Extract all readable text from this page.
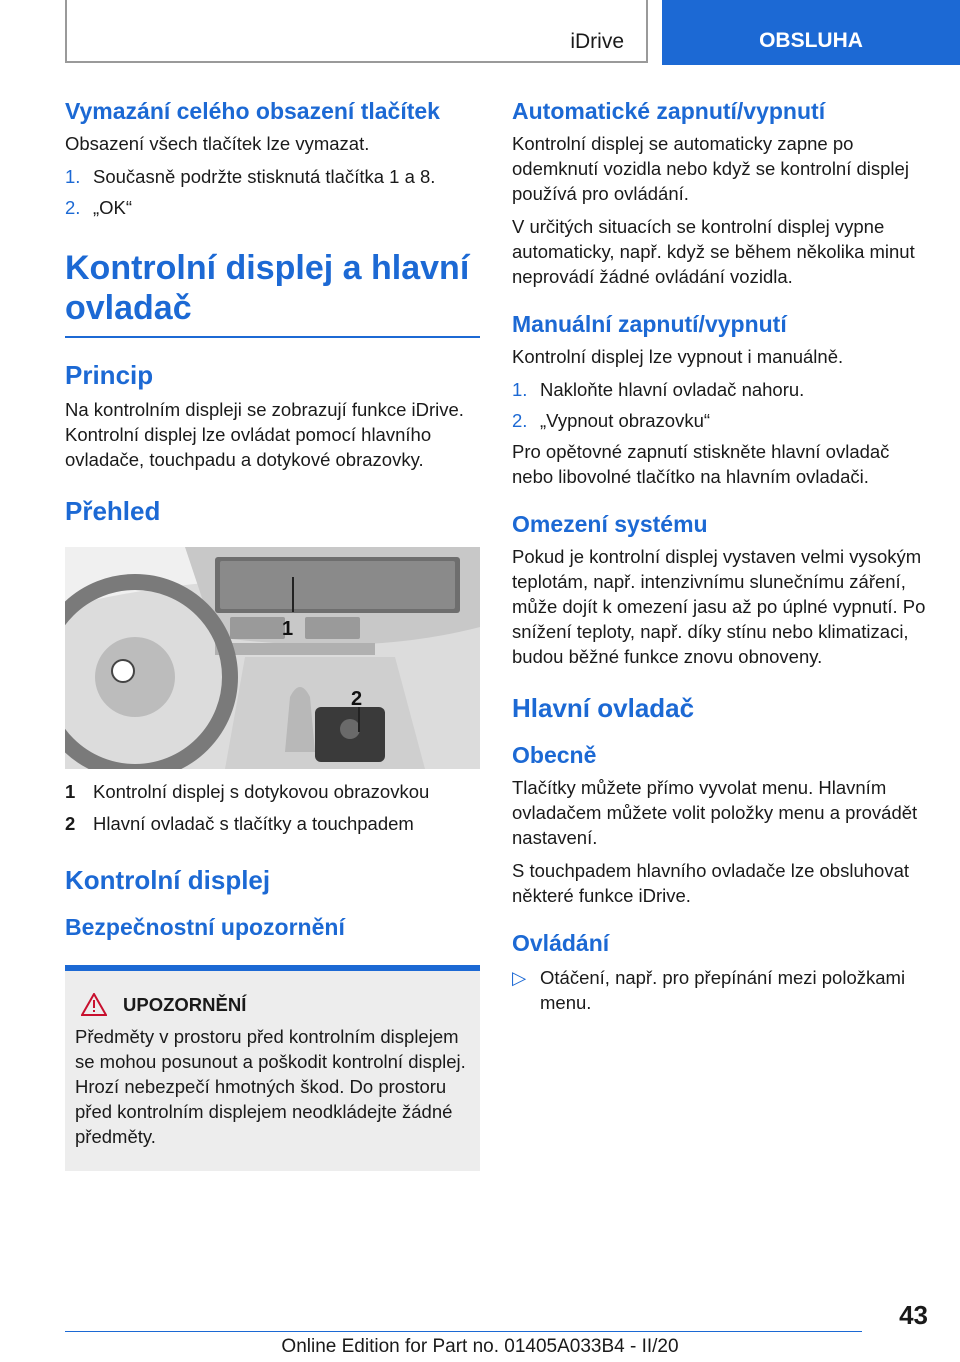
iDrive	OBSLUHA
Vymazání celého obsazení tlačítek

Obsazení všech tlačítek lze vymazat.

1. Současně podržte stisknutá tlačítka 1 a 8.
2. „OK“
Kontrolní displej a hlavní ovladač
Princip

Na kontrolním displeji se zobrazují funkce iDrive. Kontrolní displej lze ovládat pomocí hlavního ovladače, touchpadu a dotykové obrazovky.

Přehled
1
2
1 Kontrolní displej s dotykovou obrazovkou
2 Hlavní ovladač s tlačítky a touchpadem
Kontrolní displej
Bezpečnostní upozornění
UPOZORNĚNÍ

Předměty v prostoru před kontrolním displejem se mohou posunout a poškodit kontrolní displej. Hrozí nebezpečí hmotných škod. Do prostoru před kontrolním displejem neodkládejte žádné předměty.

Automatické zapnutí/vypnutí

Kontrolní displej se automaticky zapne po odemknutí vozidla nebo když se kontrolní displej používá pro ovládání.

V určitých situacích se kontrolní displej vypne automaticky, např. když se během několika minut neprovádí žádné ovládání vozidla.

Manuální zapnutí/vypnutí

Kontrolní displej lze vypnout i manuálně.

1. Nakloňte hlavní ovladač nahoru.
2. „Vypnout obrazovku“

Pro opětovné zapnutí stiskněte hlavní ovladač nebo libovolné tlačítko na hlavním ovladači.

Omezení systému

Pokud je kontrolní displej vystaven velmi vysokým teplotám, např. intenzivnímu slunečnímu záření, může dojít k omezení jasu až po úplné vypnutí. Po snížení teploty, např. díky stínu nebo klimatizaci, budou běžné funkce znovu obnoveny.

Hlavní ovladač
Obecně

Tlačítky můžete přímo vyvolat menu. Hlavním ovladačem můžete volit položky menu a provádět nastavení.

S touchpadem hlavního ovladače lze obsluhovat některé funkce iDrive.

Ovládání
▷ Otáčení, např. pro přepínání mezi položkami menu.
43
Online Edition for Part no. 01405A033B4 - II/20
